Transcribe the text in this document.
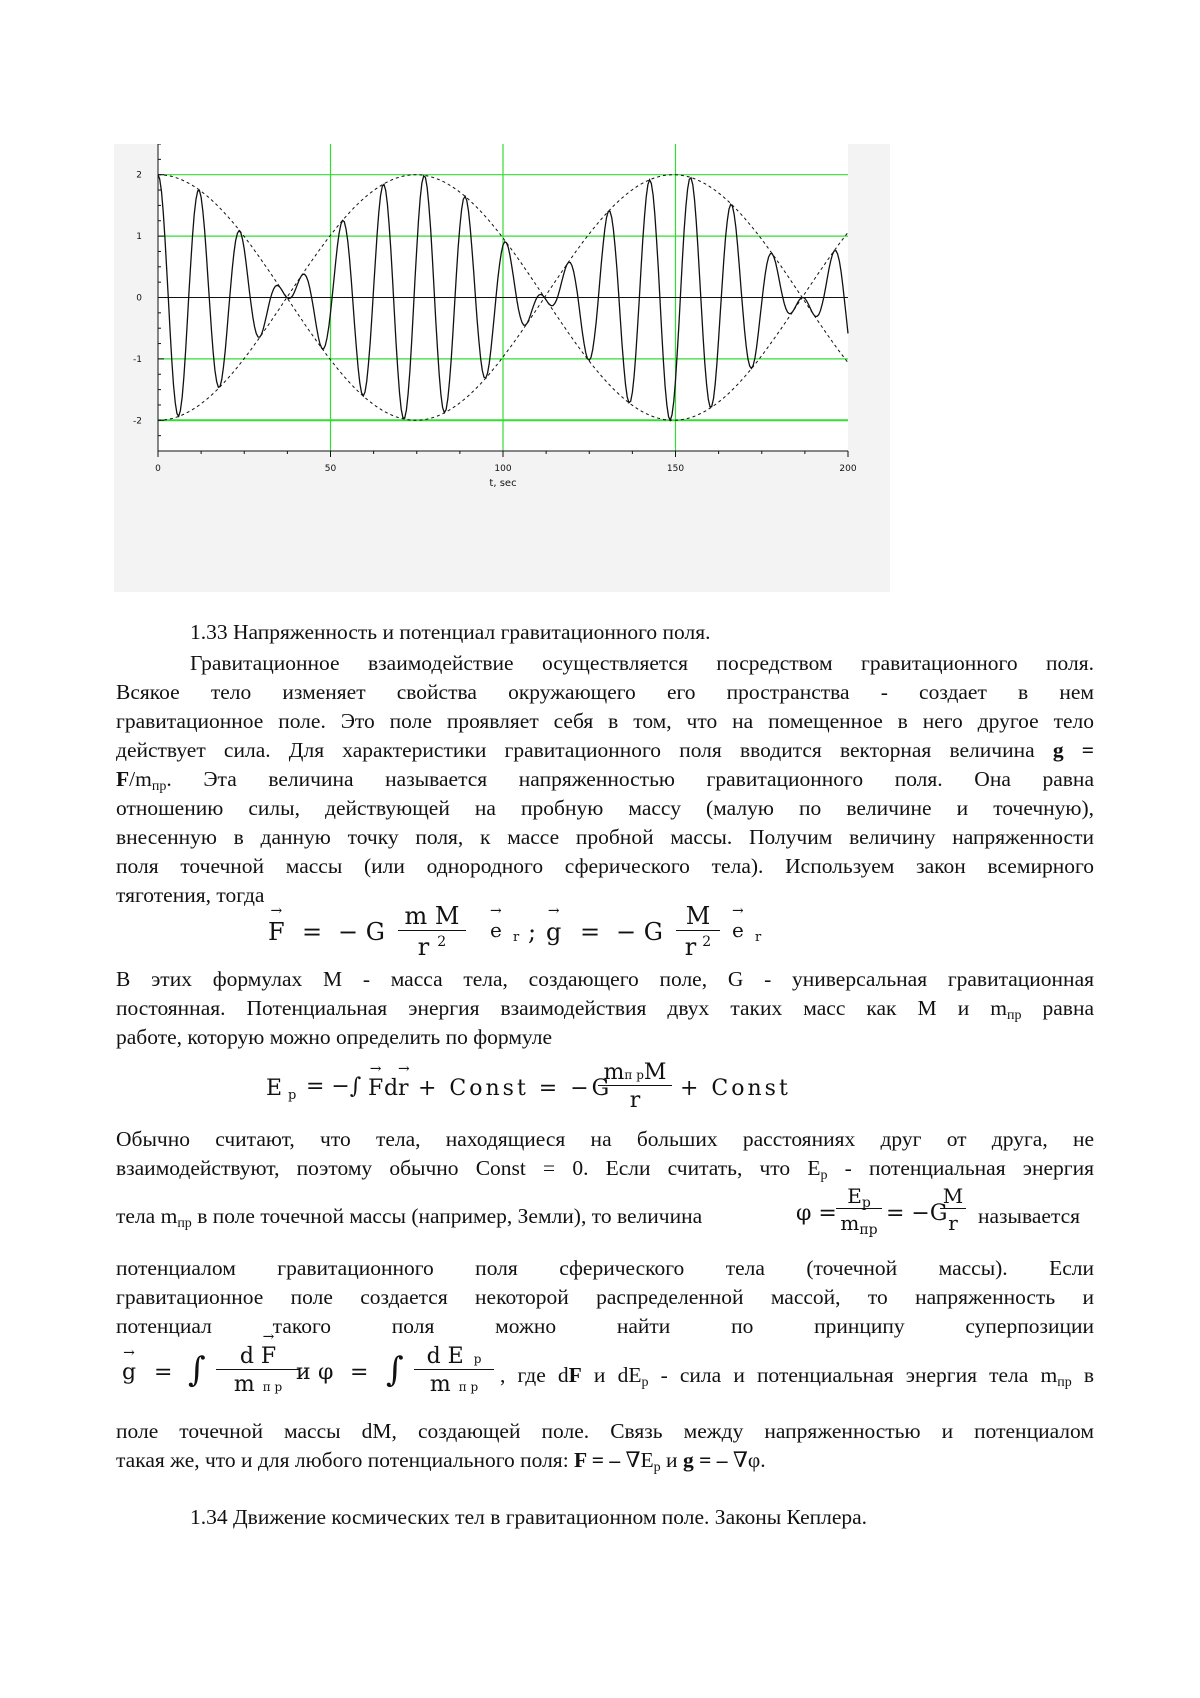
0	50	100	150	200
2
1
0
-1
-2
t, sec
1.33 Напряженность и потенциал гравитационного поля.
Гравитационное взаимодействие осуществляется посредством гравитационного поля.
Всякое тело изменяет свойства окружающего его пространства - создает в нем
гравитационное поле. Это поле проявляет себя в том, что на помещенное в него другое тело
действует сила. Для характеристики гравитационного поля вводится векторная величина g =
$F/m_{пр}$. Эта величина называется напряженностью гравитационного поля. Она равна
отношению силы, действующей на пробную массу (малую по величине и точечную),
внесенную в данную точку поля, к массе пробной массы. Получим величину напряженности
поля точечной массы (или однородного сферического тела). Используем закон всемирного
тяготения, тогда
→ F = − G $\frac{\text{m M}}{r ^2}$
→ e r ;
→ g = − G $\frac{M}{r ^2}$
→ e r
В этих формулах М - масса тела, создающего поле, G - универсальная гравитационная
постоянная. Потенциальная энергия взаимодействия двух таких масс как М и $m_{пр}$ равна
работе, которую можно определить по формуле
E p = −∫
→ F d
→ r + Const = −G
mп рM
r	+ Const
Обычно считают, что тела, находящиеся на больших расстояниях друг от друга, не
взаимодействуют, поэтому обычно Const = 0. Если считать, что $E_p$ - потенциальная энергия
тела $m_{пр}$ в поле точечной массы (например, Земли), то величина	φ =
$E_p$
$m_{пр}$
= −G
$\frac{M}{r}$ называется
потенциалом гравитационного поля сферического тела (точечной массы). Если
гравитационное поле создается некоторой распределенной массой, то напряженность и
потенциал такого поля можно найти по принципу суперпозиции
→ g = ∫	d → F
mп р
и φ = ∫	d E p
mп р	, где dF и $dE_p$ - сила и потенциальная энергия тела $m_{пр}$ в
поле точечной массы dM, создающей поле. Связь между напряженностью и потенциалом
такая же, что и для любого потенциального поля: F = – $\nabla E_p$ и g = – ∇φ.
1.34 Движение космических тел в гравитационном поле. Законы Кеплера.
